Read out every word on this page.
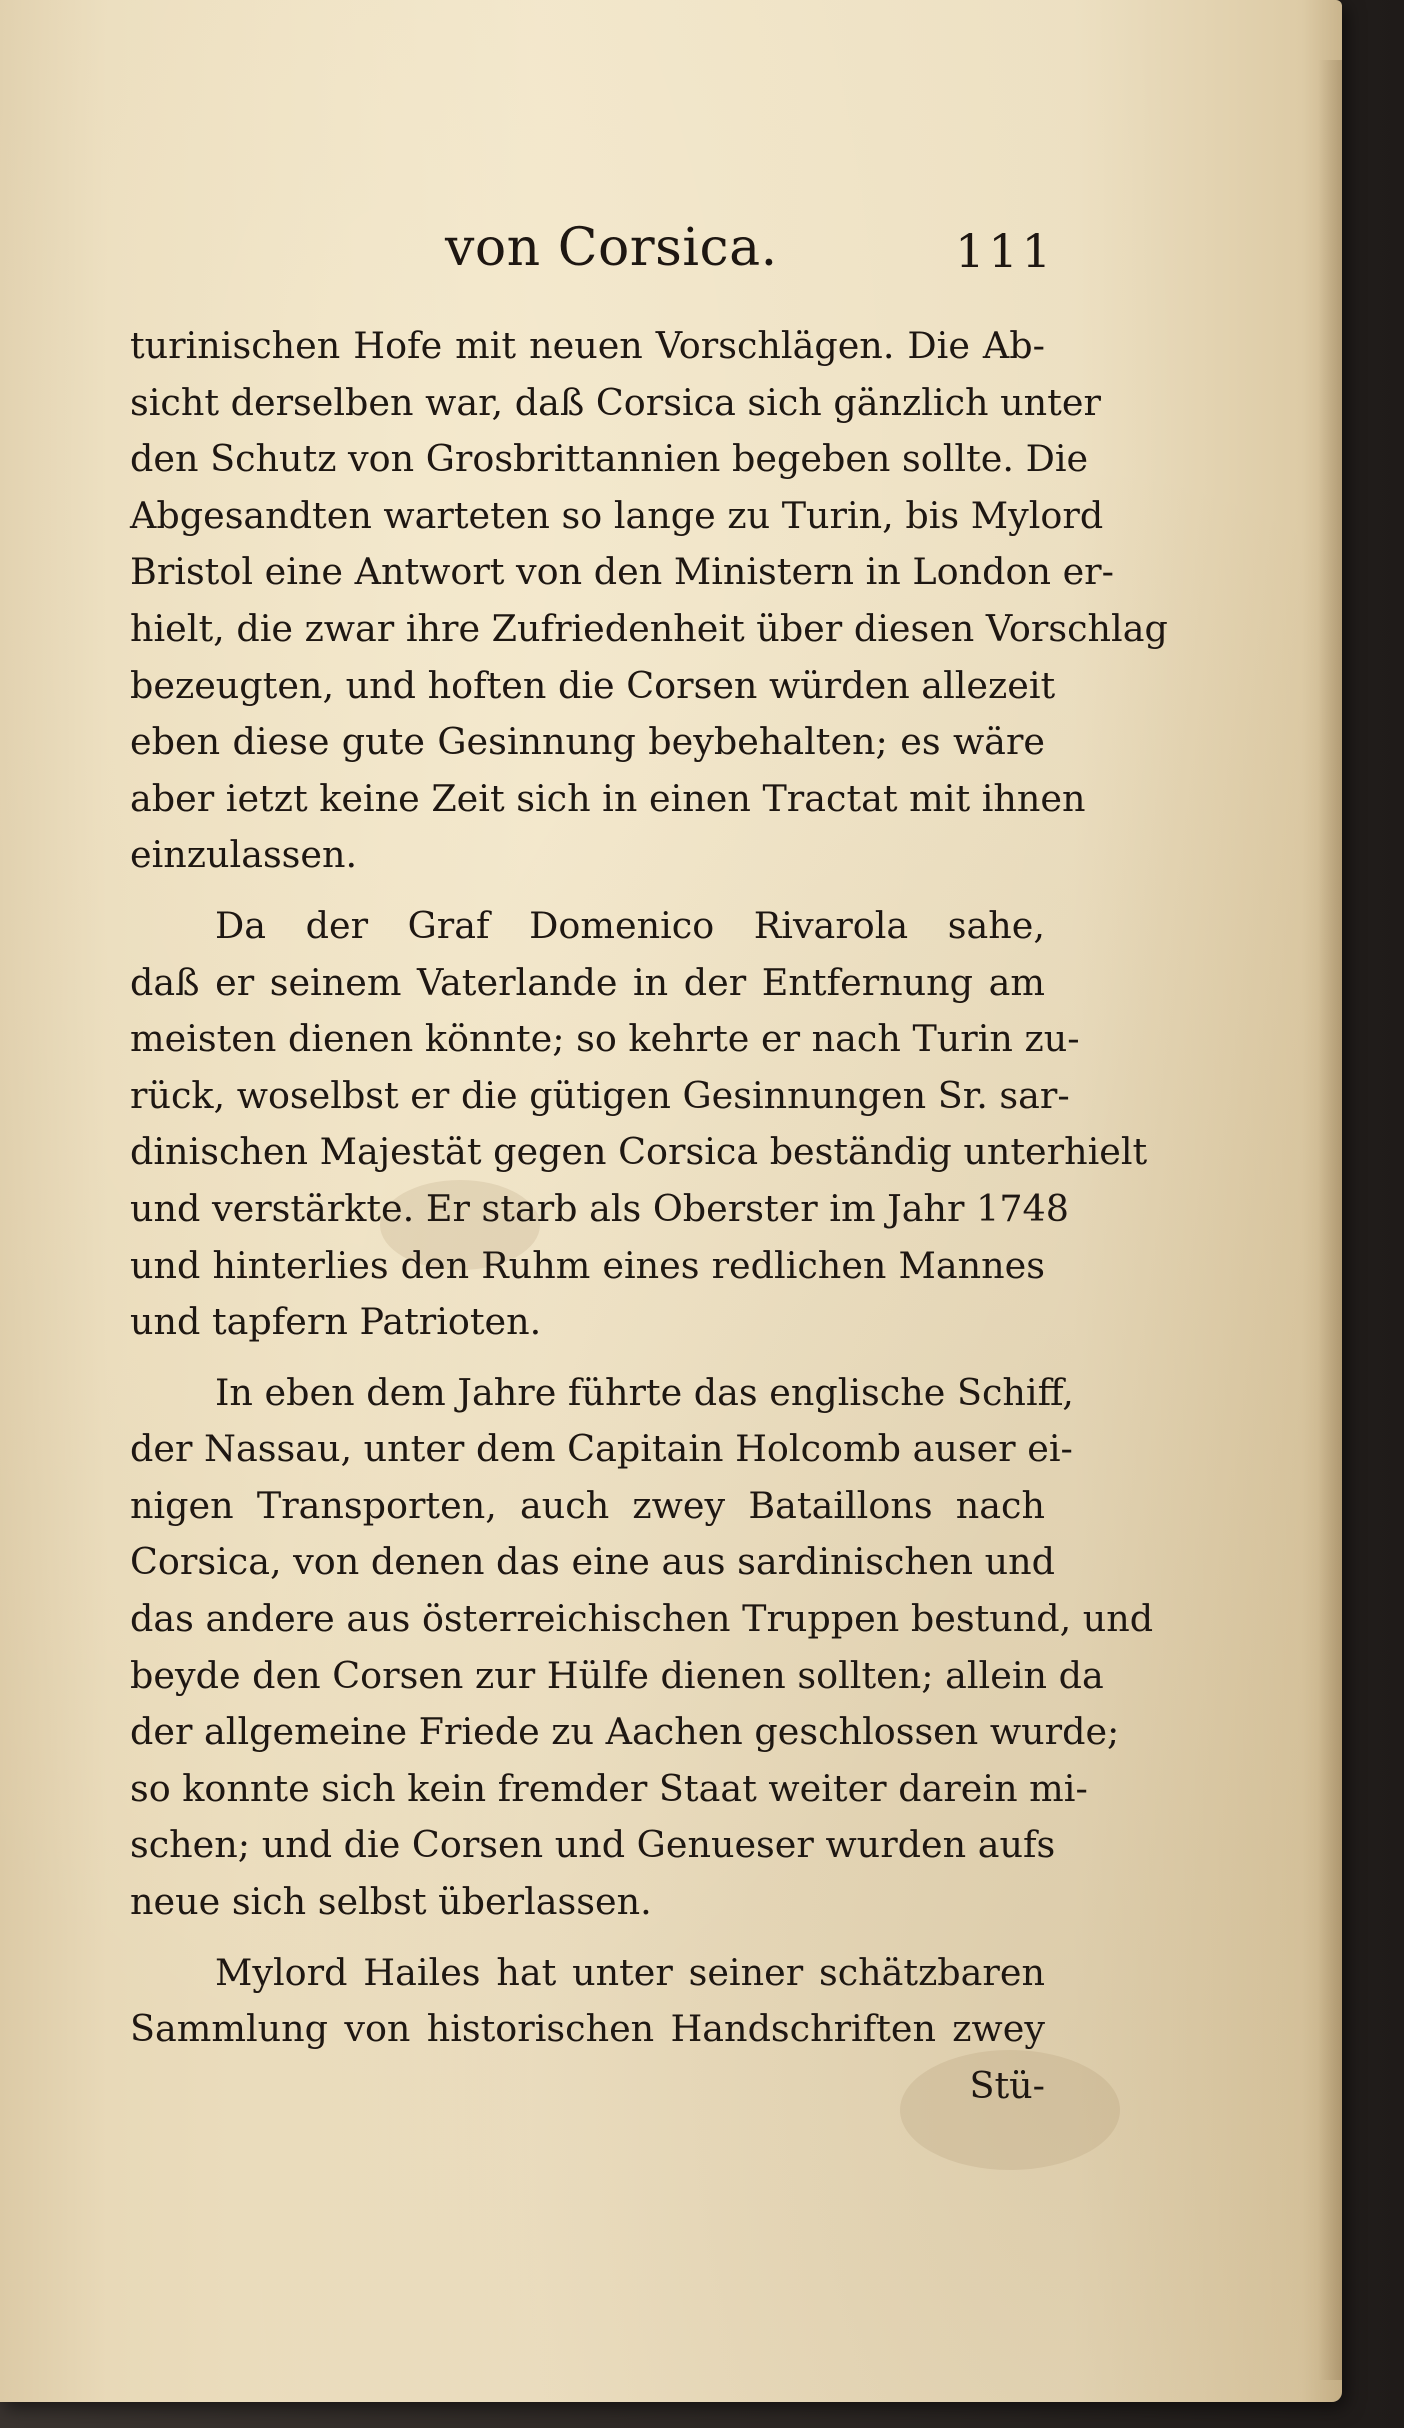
von Corsica.	111
turinischen Hofe mit neuen Vorschlägen. Die Ab-
sicht derselben war, daß Corsica sich gänzlich unter
den Schutz von Grosbrittannien begeben sollte. Die
Abgesandten warteten so lange zu Turin, bis Mylord
Bristol eine Antwort von den Ministern in London er-
hielt, die zwar ihre Zufriedenheit über diesen Vorschlag
bezeugten, und hoften die Corsen würden allezeit
eben diese gute Gesinnung beybehalten; es wäre
aber ietzt keine Zeit sich in einen Tractat mit ihnen
einzulassen.
Da der Graf Domenico Rivarola sahe,
daß er seinem Vaterlande in der Entfernung am
meisten dienen könnte; so kehrte er nach Turin zu-
rück, woselbst er die gütigen Gesinnungen Sr. sar-
dinischen Majestät gegen Corsica beständig unterhielt
und verstärkte. Er starb als Oberster im Jahr 1748
und hinterlies den Ruhm eines redlichen Mannes
und tapfern Patrioten.
In eben dem Jahre führte das englische Schiff,
der Nassau, unter dem Capitain Holcomb auser ei-
nigen Transporten, auch zwey Bataillons nach
Corsica, von denen das eine aus sardinischen und
das andere aus österreichischen Truppen bestund, und
beyde den Corsen zur Hülfe dienen sollten; allein da
der allgemeine Friede zu Aachen geschlossen wurde;
so konnte sich kein fremder Staat weiter darein mi-
schen; und die Corsen und Genueser wurden aufs
neue sich selbst überlassen.
Mylord Hailes hat unter seiner schätzbaren
Sammlung von historischen Handschriften zwey
Stü-
